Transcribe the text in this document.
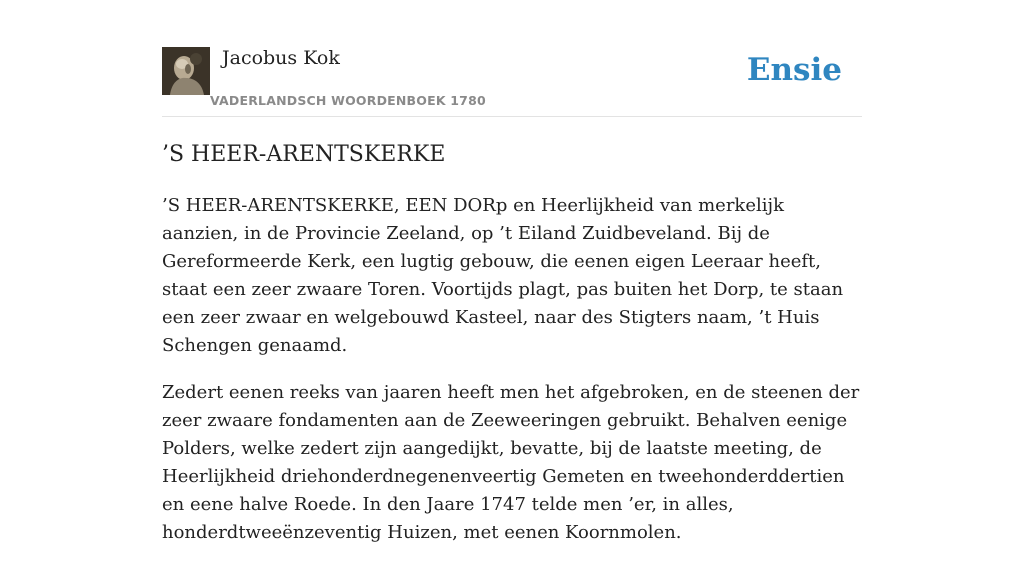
Jacobus Kok
VADERLANDSCH WOORDENBOEK 1780
Ensie
’S HEER-ARENTSKERKE

’S HEER-ARENTSKERKE, EEN DORp en Heerlijkheid van merkelijk aanzien, in de Provincie Zeeland, op ’t Eiland Zuidbeveland. Bij de Gereformeerde Kerk, een lugtig gebouw, die eenen eigen Leeraar heeft, staat een zeer zwaare Toren. Voortijds plagt, pas buiten het Dorp, te staan een zeer zwaar en welgebouwd Kasteel, naar des Stigters naam, ’t Huis Schengen genaamd.

Zedert eenen reeks van jaaren heeft men het afgebroken, en de steenen der zeer zwaare fondamenten aan de Zeeweeringen gebruikt. Behalven eenige Polders, welke zedert zijn aangedijkt, bevatte, bij de laatste meeting, de Heerlijkheid driehonderdnegenenveertig Gemeten en tweehonderddertien en eene halve Roede. In den Jaare 1747 telde men ’er, in alles, honderdtweeënzeventig Huizen, met eenen Koornmolen.
